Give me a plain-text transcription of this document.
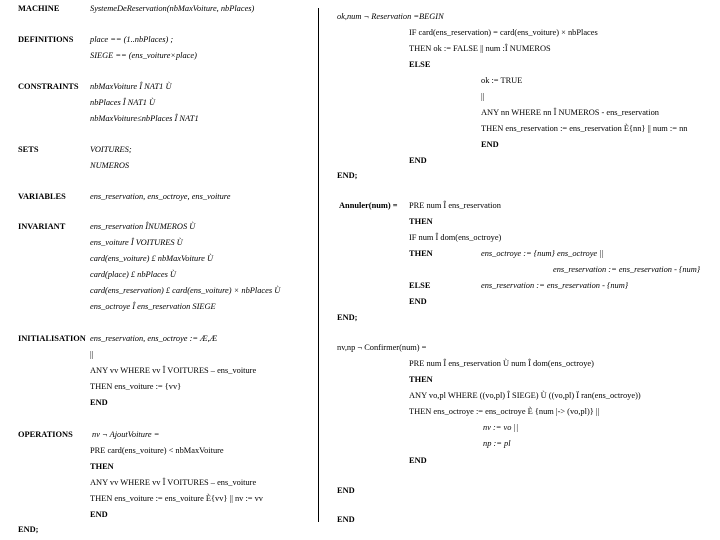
MACHINE	SystemeDeReservation(nbMaxVoiture, nbPlaces)
DEFINITIONS place == (1..nbPlaces) ;
SIEGE == (ens_voiture×place)
CONSTRAINTS nbMaxVoiture Î NAT1 Ù
nbPlaces Î NAT1 Ù
nbMaxVoiture≤nbPlaces Î NAT1
SETS	VOITURES;
NUMEROS
VARIABLES	ens_reservation, ens_octroye, ens_voiture
INVARIANT	ens_reservation ÎNUMEROS Ù
ens_voiture Î VOITURES Ù
card(ens_voiture) £ nbMaxVoiture Ù
card(place) £ nbPlaces Ù
card(ens_reservation) £ card(ens_voiture) × nbPlaces Ù
ens_octroye Î ens_reservation SIEGE
INITIALISATION ens_reservation, ens_octroye := Æ,Æ
||
ANY vv WHERE vv Î VOITURES – ens_voiture
THEN ens_voiture := {vv}
END
OPERATIONS nv ¬ AjoutVoiture =
PRE card(ens_voiture) < nbMaxVoiture
THEN
ANY vv WHERE vv Î VOITURES – ens_voiture
THEN ens_voiture := ens_voiture È{vv} || nv := vv
END
END;
ok,num ¬ Reservation =BEGIN
IF card(ens_reservation) = card(ens_voiture) × nbPlaces
THEN ok := FALSE || num :Î NUMEROS
ELSE
ok := TRUE
||
ANY nn WHERE nn Î NUMEROS - ens_reservation
THEN ens_reservation := ens_reservation È{nn} || num := nn
END
END
END;
Annuler(num) = PRE num Î ens_reservation
THEN
IF num Î dom(ens_octroye)
THEN	ens_octroye := {num} ens_octroye ||
ens_reservation := ens_reservation - {num}
ELSE	ens_reservation := ens_reservation - {num}
END
END;
nv,np ¬ Confirmer(num) =
PRE num Î ens_reservation Ù num Î dom(ens_octroye)
THEN
ANY vo,pl WHERE ((vo,pl) Î SIEGE) Ù ((vo,pl) Ï ran(ens_octroye))
THEN ens_octroye := ens_octroye È {num |-> (vo,pl)} ||
nv := vo ||
np := pl
END
END
END
